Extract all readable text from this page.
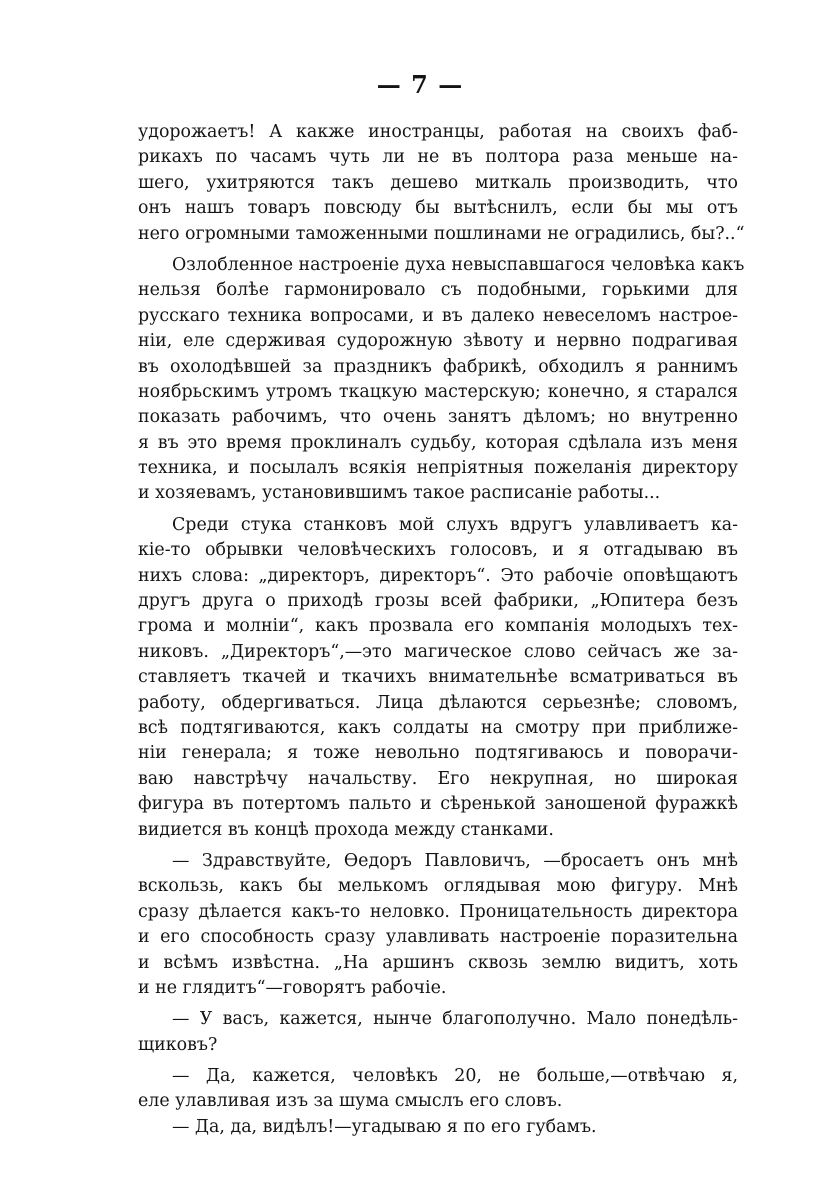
— 7 —
удорожаетъ! А какже иностранцы, работая на своихъ фаб-
рикахъ по часамъ чуть ли не въ полтора раза меньше на-
шего, ухитряются такъ дешево миткаль производить, что
онъ нашъ товаръ повсюду бы вытѣснилъ, если бы мы отъ
него огромными таможенными пошлинами не оградились, бы?..“
Озлобленное настроеніе духа невыспавшагося человѣка какъ
нельзя болѣе гармонировало съ подобными, горькими для
русскаго техника вопросами, и въ далеко невеселомъ настрое-
ніи, еле сдерживая судорожную зѣвоту и нервно подрагивая
въ охолодѣвшей за праздникъ фабрикѣ, обходилъ я раннимъ
ноябрьскимъ утромъ ткацкую мастерскую; конечно, я старался
показать рабочимъ, что очень занятъ дѣломъ; но внутренно
я въ это время проклиналъ судьбу, которая сдѣлала изъ меня
техника, и посылалъ всякія непріятныя пожеланія директору
и хозяевамъ, установившимъ такое расписаніе работы...
Среди стука станковъ мой слухъ вдругъ улавливаетъ ка-
кіе-то обрывки человѣческихъ голосовъ, и я отгадываю въ
нихъ слова: „директоръ, директоръ“. Это рабочіе оповѣщаютъ
другъ друга о приходѣ грозы всей фабрики, „Юпитера безъ
грома и молніи“, какъ прозвала его компанія молодыхъ тех-
никовъ. „Директоръ“,—это магическое слово сейчасъ же за-
ставляетъ ткачей и ткачихъ внимательнѣе всматриваться въ
работу, обдергиваться. Лица дѣлаются серьезнѣе; словомъ,
всѣ подтягиваются, какъ солдаты на смотру при приближе-
ніи генерала; я тоже невольно подтягиваюсь и поворачи-
ваю навстрѣчу начальству. Его некрупная, но широкая
фигура въ потертомъ пальто и сѣренькой заношеной фуражкѣ
видиется въ концѣ прохода между станками.
— Здравствуйте, Ѳедоръ Павловичъ, —бросаетъ онъ мнѣ
вскользь, какъ бы мелькомъ оглядывая мою фигуру. Мнѣ
сразу дѣлается какъ-то неловко. Проницательность директора
и его способность сразу улавливать настроеніе поразительна
и всѣмъ извѣстна. „На аршинъ сквозь землю видитъ, хоть
и не глядитъ“—говорятъ рабочіе.
— У васъ, кажется, нынче благополучно. Мало понедѣль-
щиковъ?
— Да, кажется, человѣкъ 20, не больше,—отвѣчаю я,
еле улавливая изъ за шума смыслъ его словъ.
— Да, да, видѣлъ!—угадываю я по его губамъ.
